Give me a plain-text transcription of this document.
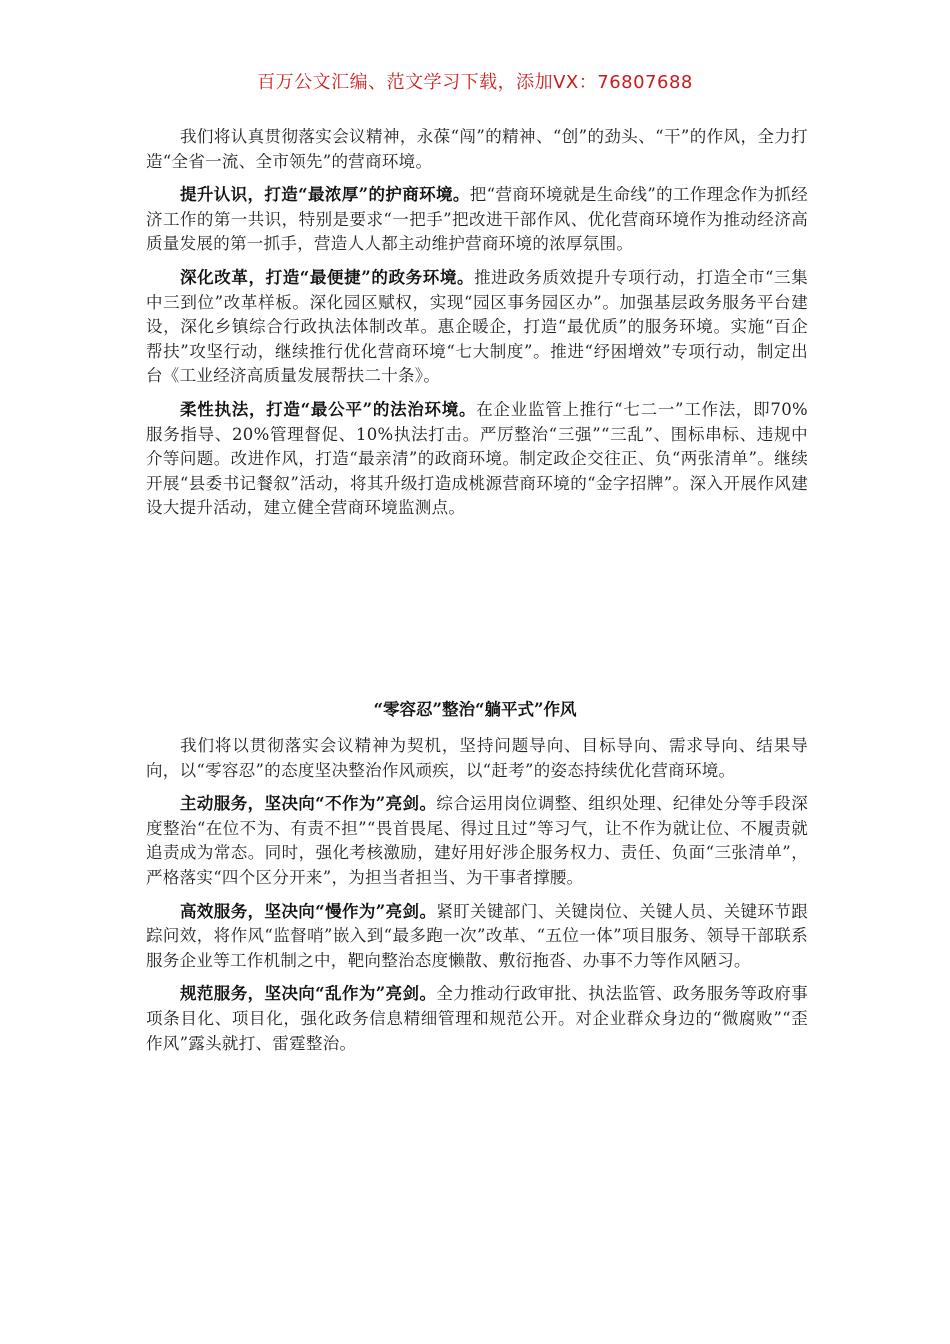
百万公文汇编、范文学习下载，添加VX：76807688

我们将认真贯彻落实会议精神，永葆“闯”的精神、“创”的劲头、“干”的作风，全力打造“全省一流、全市领先”的营商环境。

提升认识，打造“最浓厚”的护商环境。把“营商环境就是生命线”的工作理念作为抓经济工作的第一共识，特别是要求“一把手”把改进干部作风、优化营商环境作为推动经济高质量发展的第一抓手，营造人人都主动维护营商环境的浓厚氛围。

深化改革，打造“最便捷”的政务环境。推进政务质效提升专项行动，打造全市“三集中三到位”改革样板。深化园区赋权，实现“园区事务园区办”。加强基层政务服务平台建设，深化乡镇综合行政执法体制改革。惠企暖企，打造“最优质”的服务环境。实施“百企帮扶”攻坚行动，继续推行优化营商环境“七大制度”。推进“纾困增效”专项行动，制定出台《工业经济高质量发展帮扶二十条》。

柔性执法，打造“最公平”的法治环境。在企业监管上推行“七二一”工作法，即70%服务指导、20%管理督促、10%执法打击。严厉整治“三强”“三乱”、围标串标、违规中介等问题。改进作风，打造“最亲清”的政商环境。制定政企交往正、负“两张清单”。继续开展“县委书记餐叙”活动，将其升级打造成桃源营商环境的“金字招牌”。深入开展作风建设大提升活动，建立健全营商环境监测点。

“零容忍”整治“躺平式”作风

我们将以贯彻落实会议精神为契机，坚持问题导向、目标导向、需求导向、结果导向，以“零容忍”的态度坚决整治作风顽疾，以“赶考”的姿态持续优化营商环境。

主动服务，坚决向“不作为”亮剑。综合运用岗位调整、组织处理、纪律处分等手段深度整治“在位不为、有责不担”“畏首畏尾、得过且过”等习气，让不作为就让位、不履责就追责成为常态。同时，强化考核激励，建好用好涉企服务权力、责任、负面“三张清单”，严格落实“四个区分开来”，为担当者担当、为干事者撑腰。

高效服务，坚决向“慢作为”亮剑。紧盯关键部门、关键岗位、关键人员、关键环节跟踪问效，将作风“监督哨”嵌入到“最多跑一次”改革、“五位一体”项目服务、领导干部联系服务企业等工作机制之中，靶向整治态度懒散、敷衍拖沓、办事不力等作风陋习。

规范服务，坚决向“乱作为”亮剑。全力推动行政审批、执法监管、政务服务等政府事项条目化、项目化，强化政务信息精细管理和规范公开。对企业群众身边的“微腐败”“歪作风”露头就打、雷霆整治。
